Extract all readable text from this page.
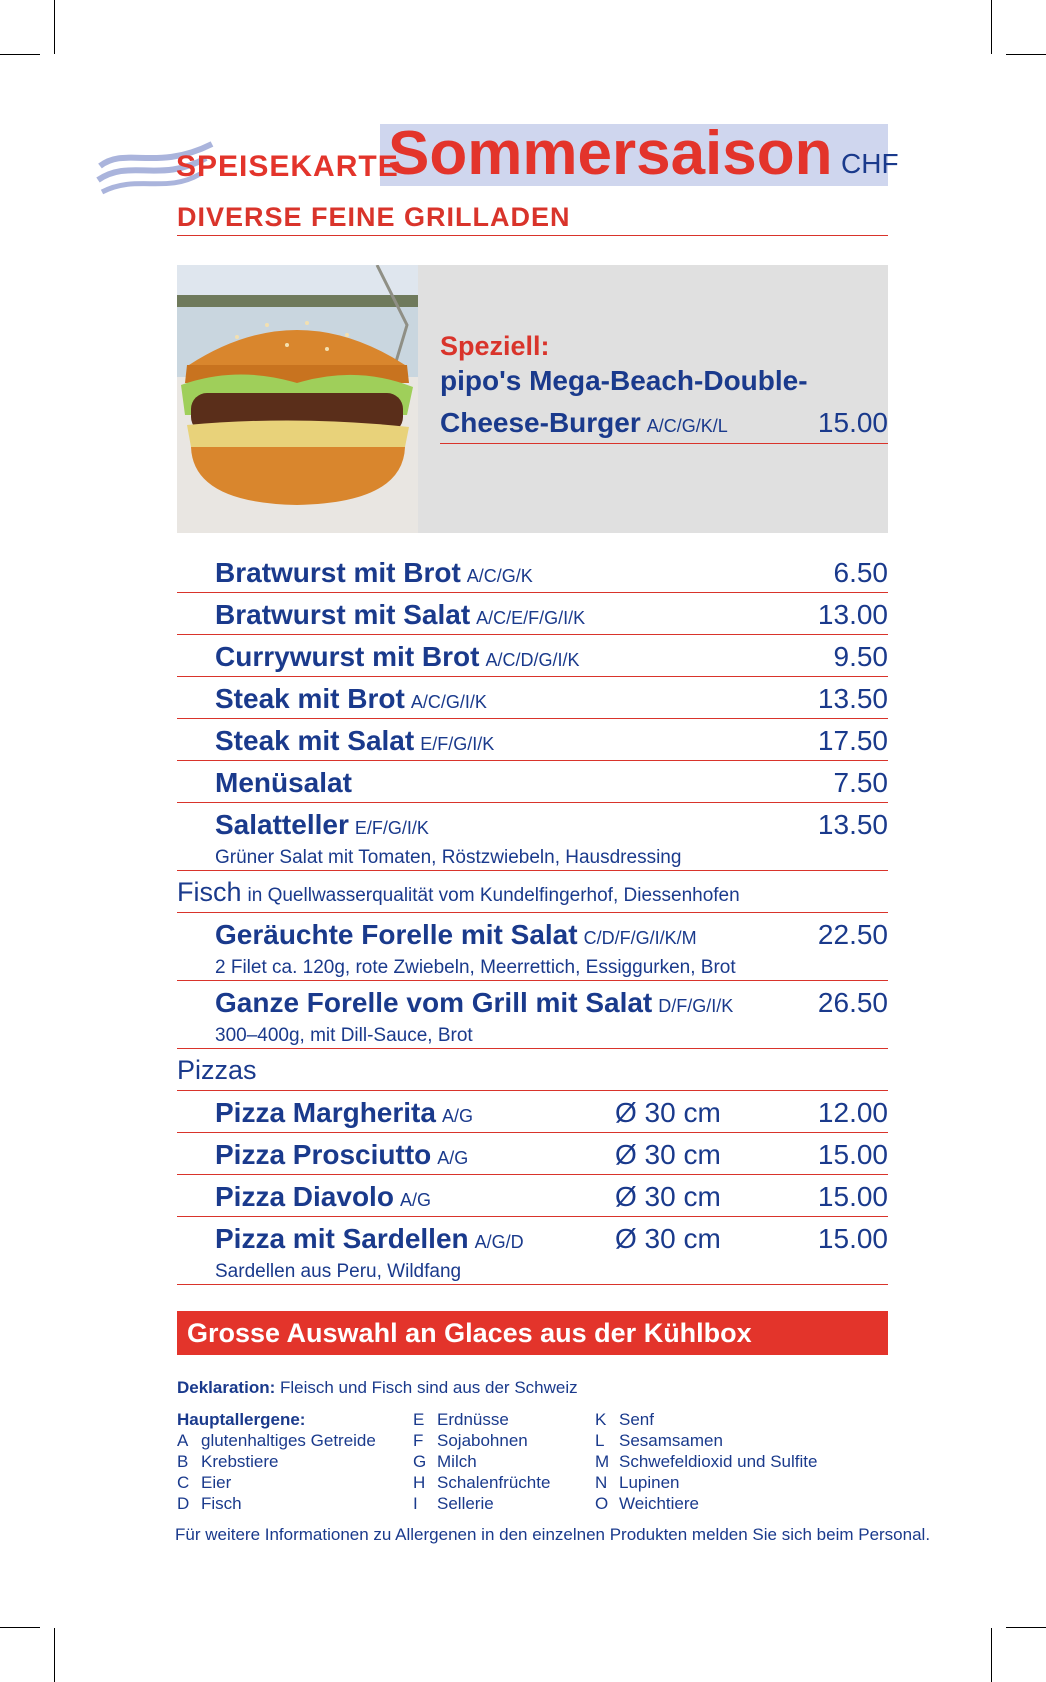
SPEISEKARTE
Sommersaison CHF
DIVERSE FEINE GRILLADEN
Speziell:
pipo's Mega-Beach-Double-
Cheese-Burger A/C/G/K/L	15.00
Bratwurst mit Brot A/C/G/K	6.50
Bratwurst mit Salat A/C/E/F/G/I/K	13.00
Currywurst mit Brot A/C/D/G/I/K	9.50
Steak mit Brot A/C/G/I/K	13.50
Steak mit Salat E/F/G/I/K	17.50
Menüsalat	7.50
Salatteller E/F/G/I/K	13.50
Grüner Salat mit Tomaten, Röstzwiebeln, Hausdressing
Fisch in Quellwasserqualität vom Kundelfingerhof, Diessenhofen
Geräuchte Forelle mit Salat C/D/F/G/I/K/M	22.50
2 Filet ca. 120g, rote Zwiebeln, Meerrettich, Essiggurken, Brot
Ganze Forelle vom Grill mit Salat D/F/G/I/K	26.50
300–400g, mit Dill-Sauce, Brot
Pizzas
Pizza Margherita A/G	Ø 30 cm	12.00
Pizza Prosciutto A/G	Ø 30 cm	15.00
Pizza Diavolo A/G	Ø 30 cm	15.00
Pizza mit Sardellen A/G/D	Ø 30 cm	15.00
Sardellen aus Peru, Wildfang
Grosse Auswahl an Glaces aus der Kühlbox
Deklaration: Fleisch und Fisch sind aus der Schweiz
Hauptallergene:
A glutenhaltiges Getreide
B Krebstiere
C Eier
D Fisch
E Erdnüsse
F Sojabohnen
G Milch
H Schalenfrüchte
I Sellerie
K Senf
L Sesamsamen
M Schwefeldioxid und Sulfite
N Lupinen
O Weichtiere
Für weitere Informationen zu Allergenen in den einzelnen Produkten melden Sie sich beim Personal.
